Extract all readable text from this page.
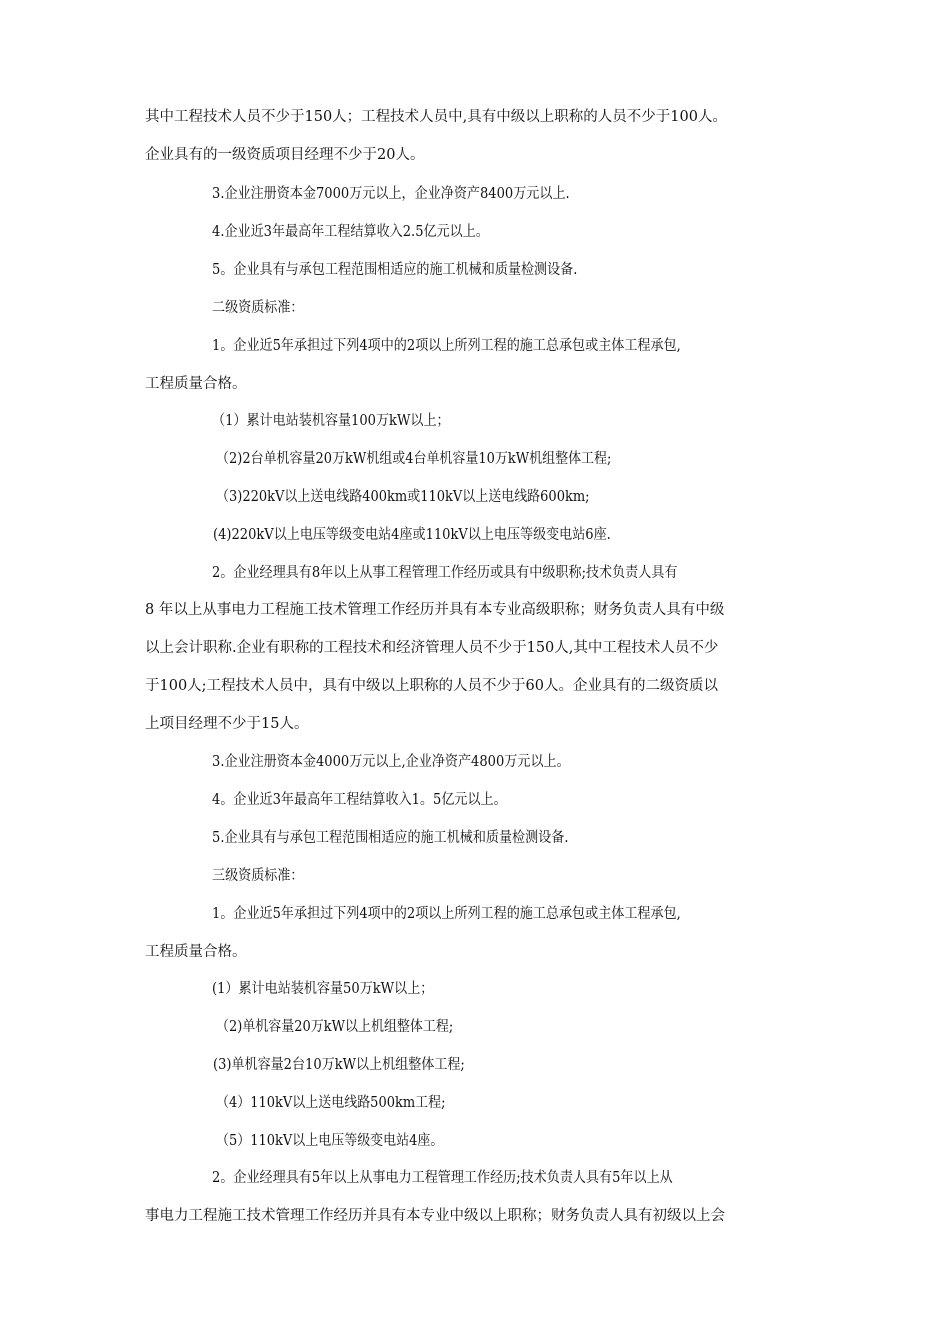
其中工程技术人员不少于150人；工程技术人员中,具有中级以上职称的人员不少于100人。
企业具有的一级资质项目经理不少于20人。
3.企业注册资本金7000万元以上，企业净资产8400万元以上.
4.企业近3年最高年工程结算收入2.5亿元以上。
5。企业具有与承包工程范围相适应的施工机械和质量检测设备.
二级资质标准：
1。企业近5年承担过下列4项中的2项以上所列工程的施工总承包或主体工程承包,
工程质量合格。
（1）累计电站装机容量100万kW以上；
（2)2台单机容量20万kW机组或4台单机容量10万kW机组整体工程;
（3)220kV以上送电线路400km或110kV以上送电线路600km;
(4)220kV以上电压等级变电站4座或110kV以上电压等级变电站6座.
2。企业经理具有8年以上从事工程管理工作经历或具有中级职称;技术负责人具有
8 年以上从事电力工程施工技术管理工作经历并具有本专业高级职称；财务负责人具有中级
以上会计职称.企业有职称的工程技术和经济管理人员不少于150人,其中工程技术人员不少
于100人;工程技术人员中，具有中级以上职称的人员不少于60人。企业具有的二级资质以
上项目经理不少于15人。
3.企业注册资本金4000万元以上,企业净资产4800万元以上。
4。企业近3年最高年工程结算收入1。5亿元以上。
5.企业具有与承包工程范围相适应的施工机械和质量检测设备.
三级资质标准：
1。企业近5年承担过下列4项中的2项以上所列工程的施工总承包或主体工程承包,
工程质量合格。
(1）累计电站装机容量50万kW以上；
（2)单机容量20万kW以上机组整体工程;
(3)单机容量2台10万kW以上机组整体工程;
（4）110kV以上送电线路500km工程;
（5）110kV以上电压等级变电站4座。
2。企业经理具有5年以上从事电力工程管理工作经历;技术负责人具有5年以上从
事电力工程施工技术管理工作经历并具有本专业中级以上职称；财务负责人具有初级以上会
